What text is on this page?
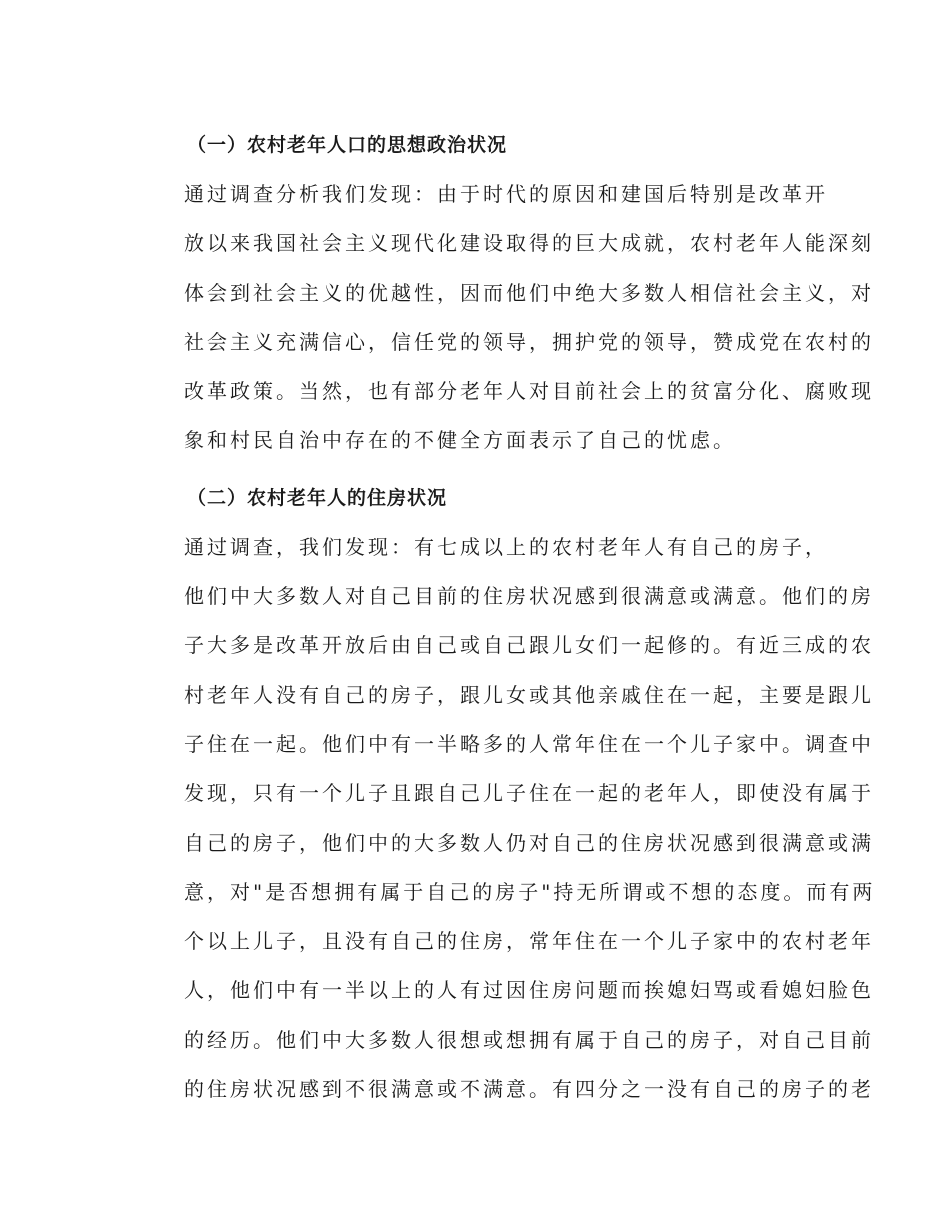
（一）农村老年人口的思想政治状况

通过调查分析我们发现：由于时代的原因和建国后特别是改革开
放以来我国社会主义现代化建设取得的巨大成就，农村老年人能深刻
体会到社会主义的优越性，因而他们中绝大多数人相信社会主义，对
社会主义充满信心，信任党的领导，拥护党的领导，赞成党在农村的
改革政策。当然，也有部分老年人对目前社会上的贫富分化、腐败现
象和村民自治中存在的不健全方面表示了自己的忧虑。

（二）农村老年人的住房状况

通过调查，我们发现：有七成以上的农村老年人有自己的房子，
他们中大多数人对自己目前的住房状况感到很满意或满意。他们的房
子大多是改革开放后由自己或自己跟儿女们一起修的。有近三成的农
村老年人没有自己的房子，跟儿女或其他亲戚住在一起，主要是跟儿
子住在一起。他们中有一半略多的人常年住在一个儿子家中。调查中
发现，只有一个儿子且跟自己儿子住在一起的老年人，即使没有属于
自己的房子，他们中的大多数人仍对自己的住房状况感到很满意或满
意，对"是否想拥有属于自己的房子"持无所谓或不想的态度。而有两
个以上儿子，且没有自己的住房，常年住在一个儿子家中的农村老年
人，他们中有一半以上的人有过因住房问题而挨媳妇骂或看媳妇脸色
的经历。他们中大多数人很想或想拥有属于自己的房子，对自己目前
的住房状况感到不很满意或不满意。有四分之一没有自己的房子的老
